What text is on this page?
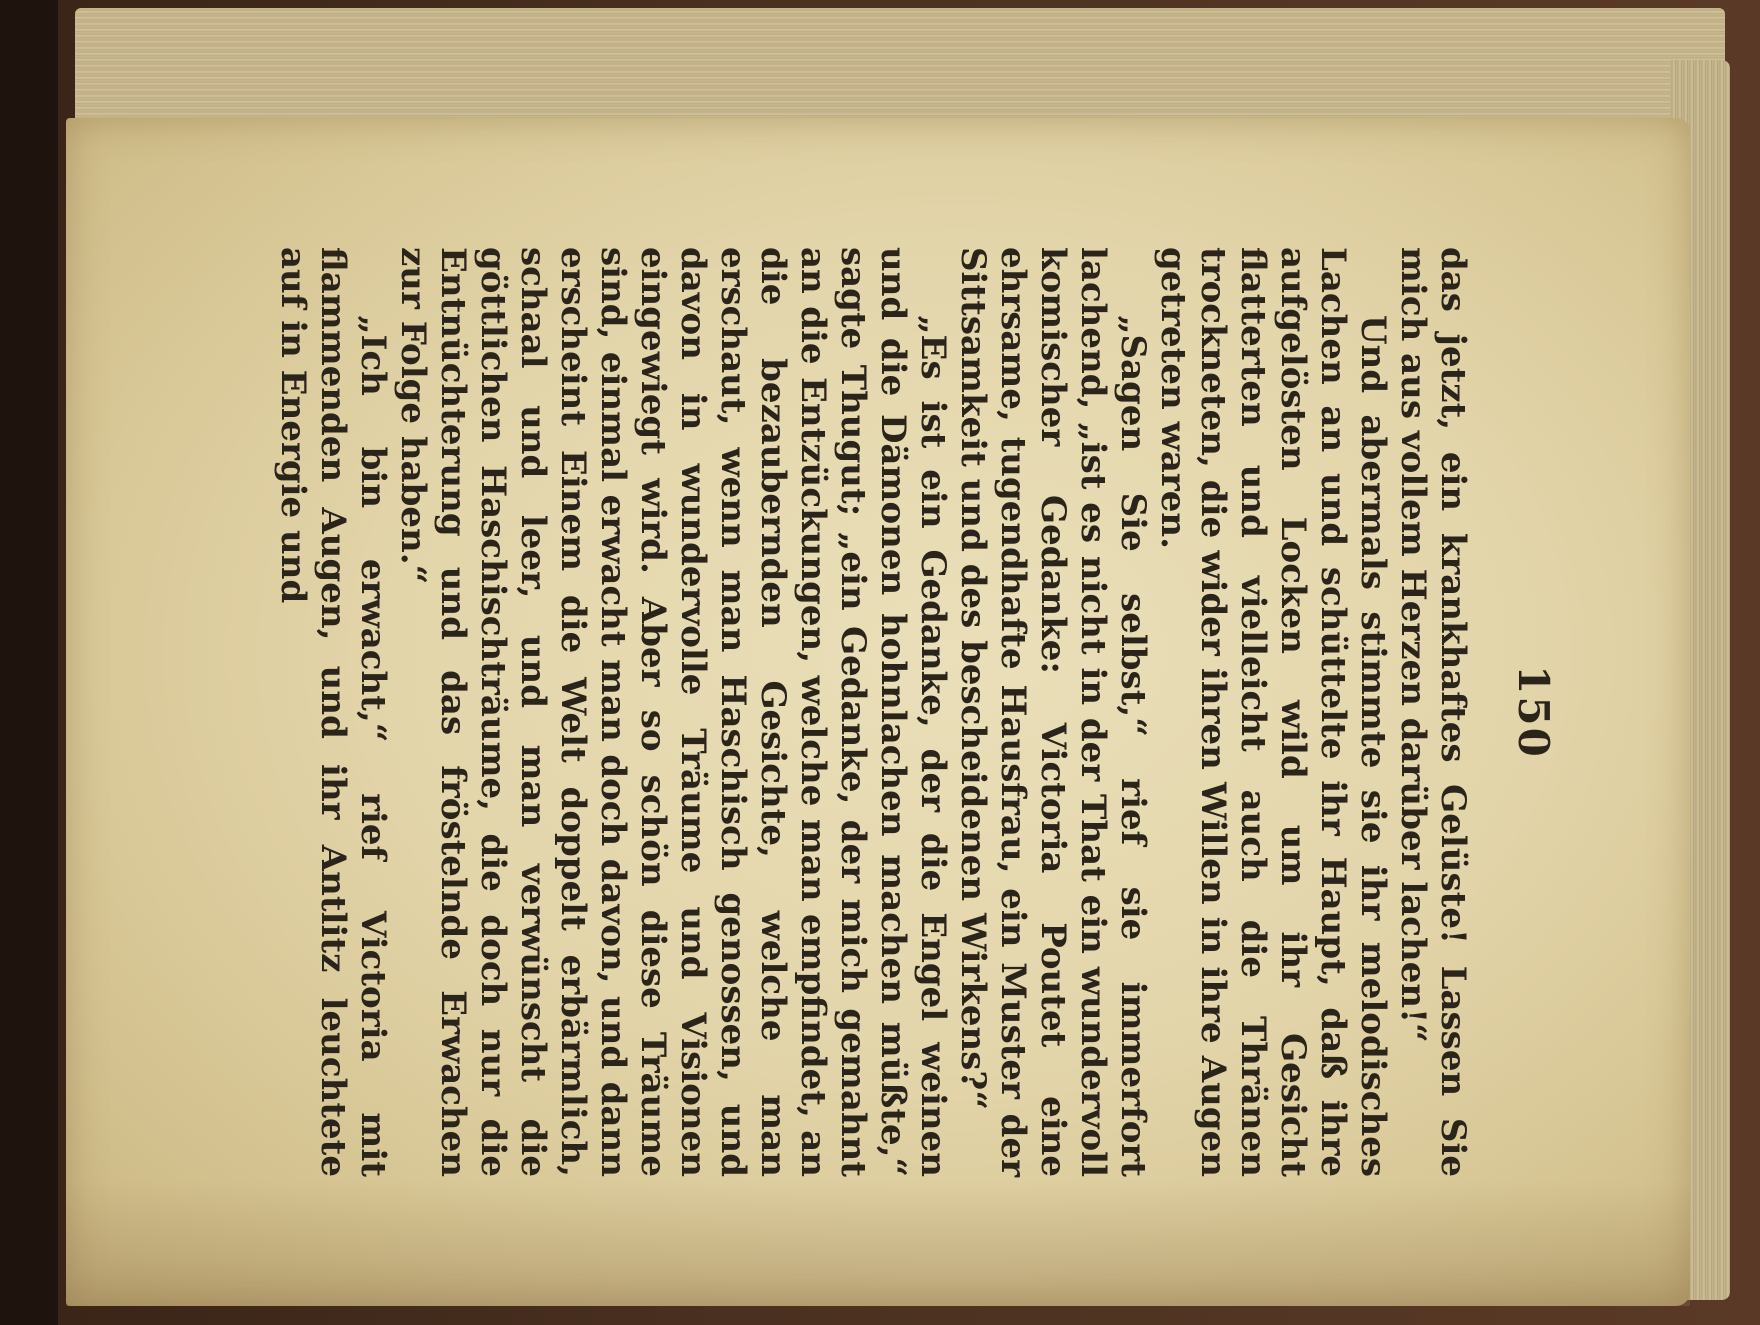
150

das jetzt, ein krankhaftes Gelüste! Lassen Sie mich aus vollem Herzen darüber lachen!“

Und abermals stimmte sie ihr melodisches Lachen an und schüttelte ihr Haupt, daß ihre aufgelösten Locken wild um ihr Gesicht flatterten und vielleicht auch die Thränen trockneten, die wider ihren Willen in ihre Augen getreten waren.

„Sagen Sie selbst,“ rief sie immerfort lachend, „ist es nicht in der That ein wundervoll komischer Gedanke: Victoria Poutet eine ehrsame, tugendhafte Hausfrau, ein Muster der Sittsamkeit und des bescheidenen Wirkens?“

„Es ist ein Gedanke, der die Engel weinen und die Dämonen hohnlachen machen müßte,“ sagte Thugut; „ein Gedanke, der mich gemahnt an die Entzückungen, welche man empfindet, an die bezaubernden Gesichte, welche man erschaut, wenn man Haschisch genossen, und davon in wundervolle Träume und Visionen eingewiegt wird. Aber so schön diese Träume sind, einmal erwacht man doch davon, und dann erscheint Einem die Welt doppelt erbärmlich, schaal und leer, und man verwünscht die göttlichen Haschischträume, die doch nur die Entnüchterung und das fröstelnde Erwachen zur Folge haben.“

„Ich bin erwacht,“ rief Victoria mit flammenden Augen, und ihr Antlitz leuchtete auf in Energie und
